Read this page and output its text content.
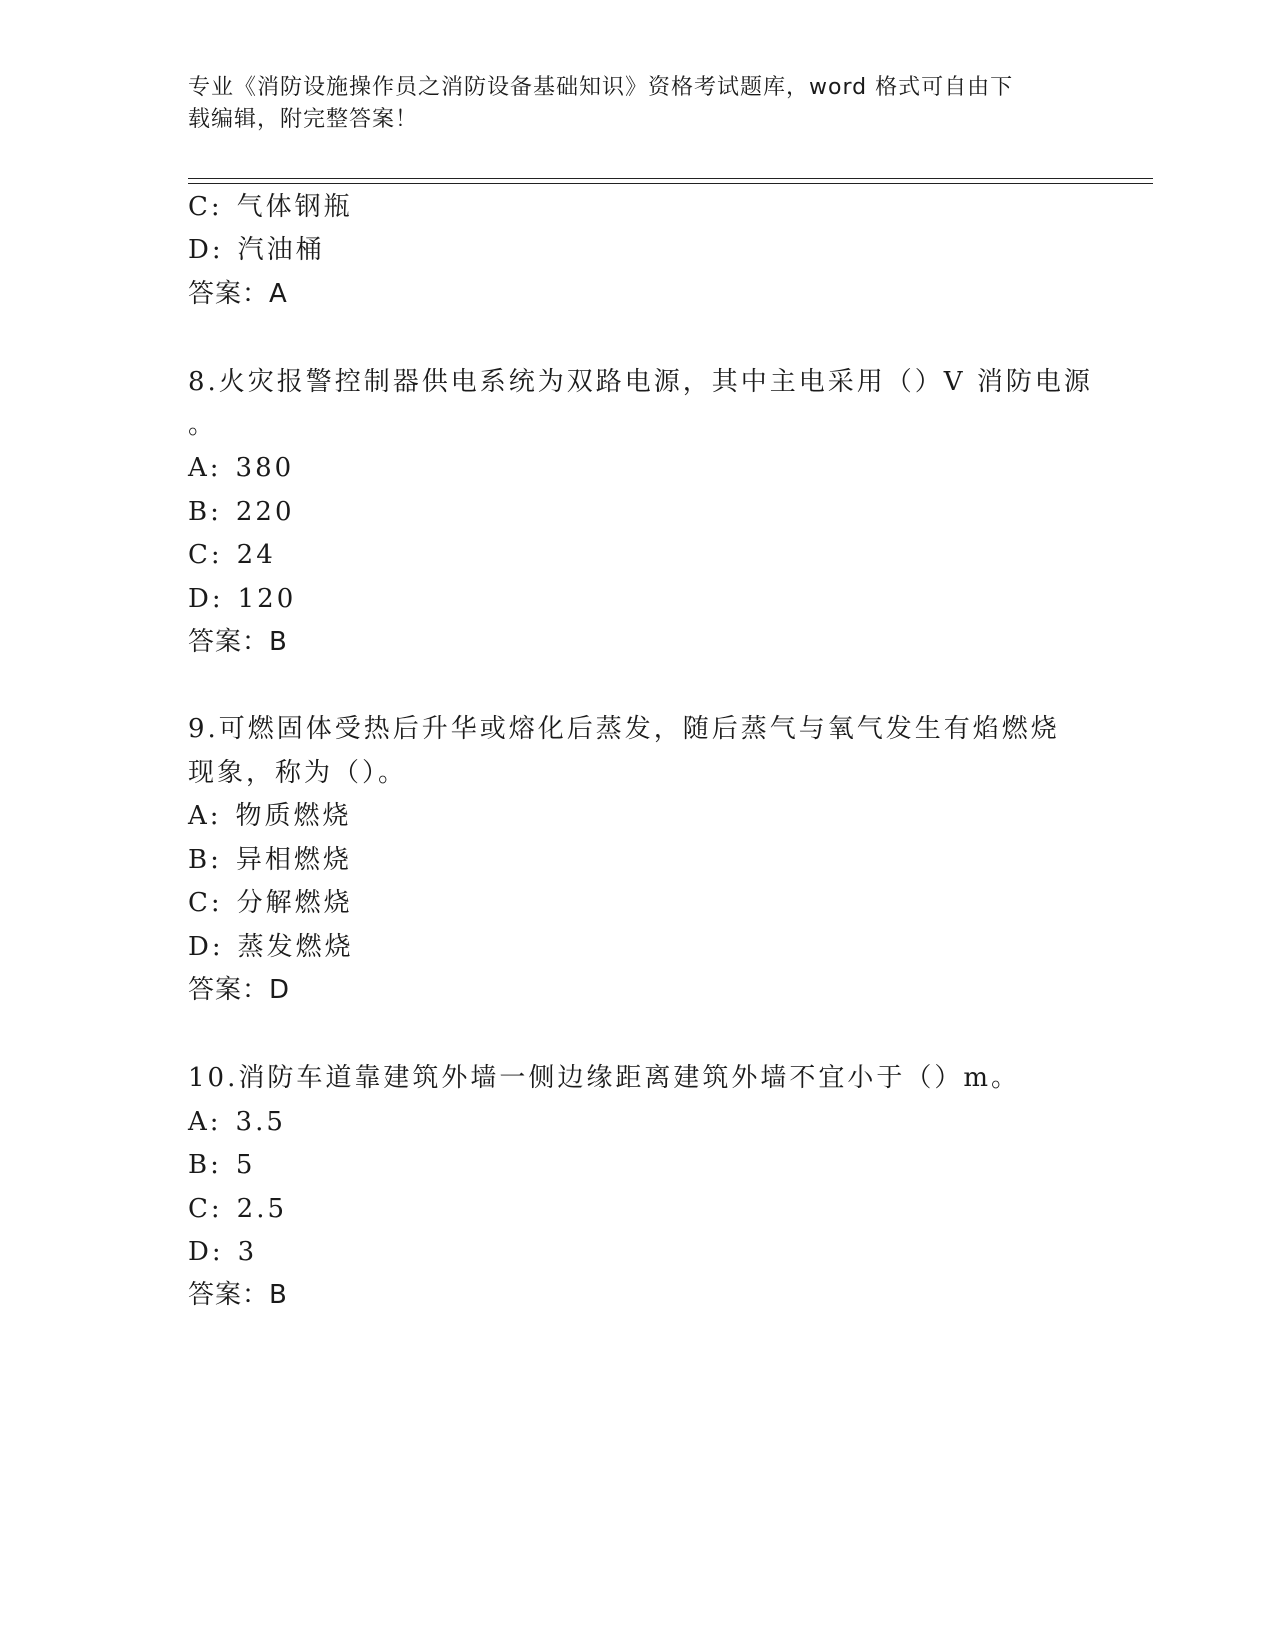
专业《消防设施操作员之消防设备基础知识》资格考试题库，word 格式可自由下
载编辑，附完整答案！
C: 气体钢瓶
D: 汽油桶
答案：A
8.火灾报警控制器供电系统为双路电源，其中主电采用（）V 消防电源
。
A: 380
B: 220
C: 24
D: 120
答案：B
9.可燃固体受热后升华或熔化后蒸发，随后蒸气与氧气发生有焰燃烧
现象，称为（）。
A: 物质燃烧
B: 异相燃烧
C: 分解燃烧
D: 蒸发燃烧
答案：D
10.消防车道靠建筑外墙一侧边缘距离建筑外墙不宜小于（）m。
A: 3.5
B: 5
C: 2.5
D: 3
答案：B
